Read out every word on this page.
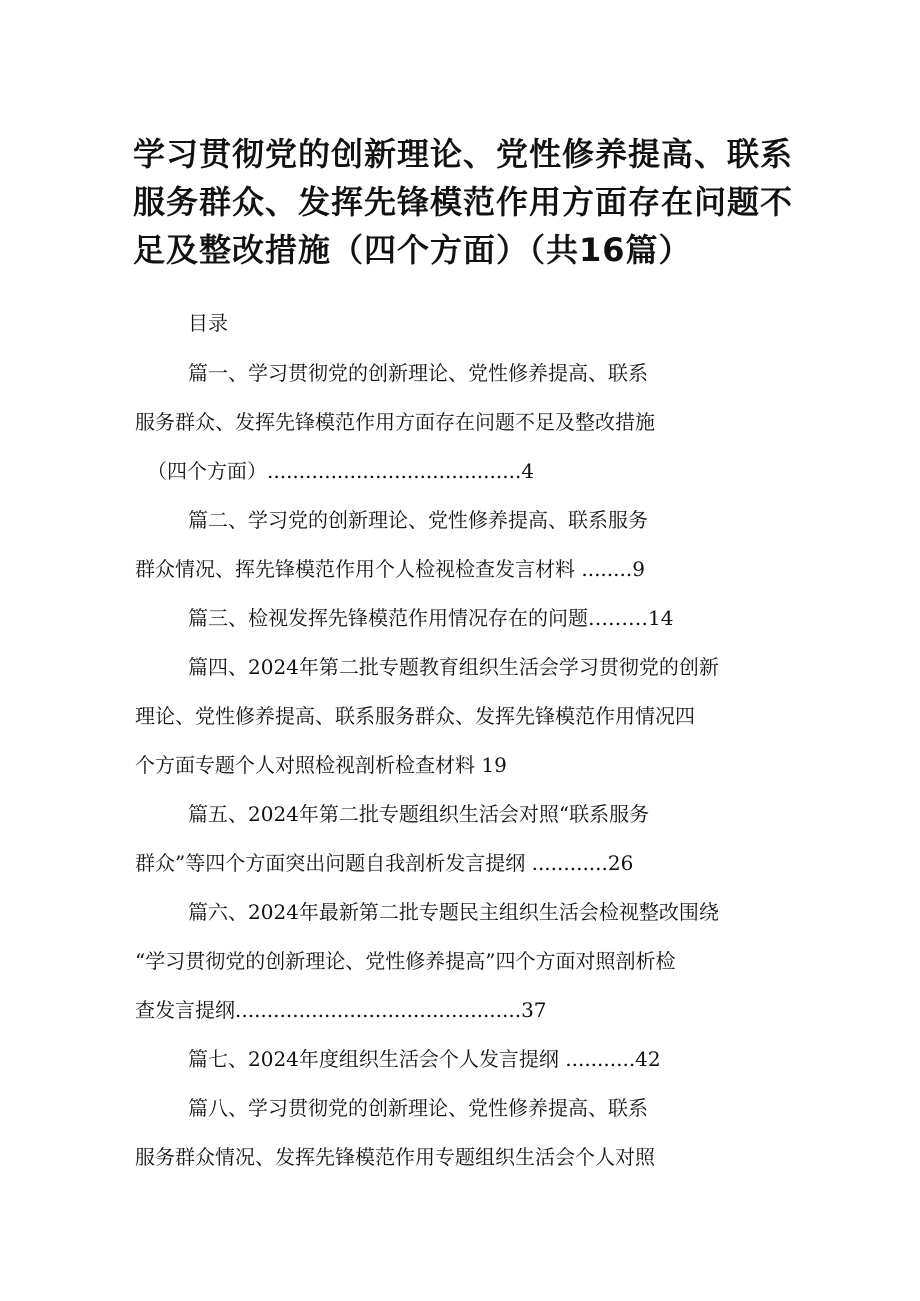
学习贯彻党的创新理论、党性修养提高、联系
服务群众、发挥先锋模范作用方面存在问题不
足及整改措施（四个方面）（共16篇）
目录
篇一、学习贯彻党的创新理论、党性修养提高、联系
服务群众、发挥先锋模范作用方面存在问题不足及整改措施
（四个方面）........................................4
篇二、学习党的创新理论、党性修养提高、联系服务
群众情况、挥先锋模范作用个人检视检查发言材料 ........9
篇三、检视发挥先锋模范作用情况存在的问题………14
篇四、2024年第二批专题教育组织生活会学习贯彻党的创新
理论、党性修养提高、联系服务群众、发挥先锋模范作用情况四
个方面专题个人对照检视剖析检查材料 19
篇五、2024年第二批专题组织生活会对照“联系服务
群众”等四个方面突出问题自我剖析发言提纲 ............26
篇六、2024年最新第二批专题民主组织生活会检视整改围绕
“学习贯彻党的创新理论、党性修养提高”四个方面对照剖析检
查发言提纲.............................................37
篇七、2024年度组织生活会个人发言提纲 ...........42
篇八、学习贯彻党的创新理论、党性修养提高、联系
服务群众情况、发挥先锋模范作用专题组织生活会个人对照
